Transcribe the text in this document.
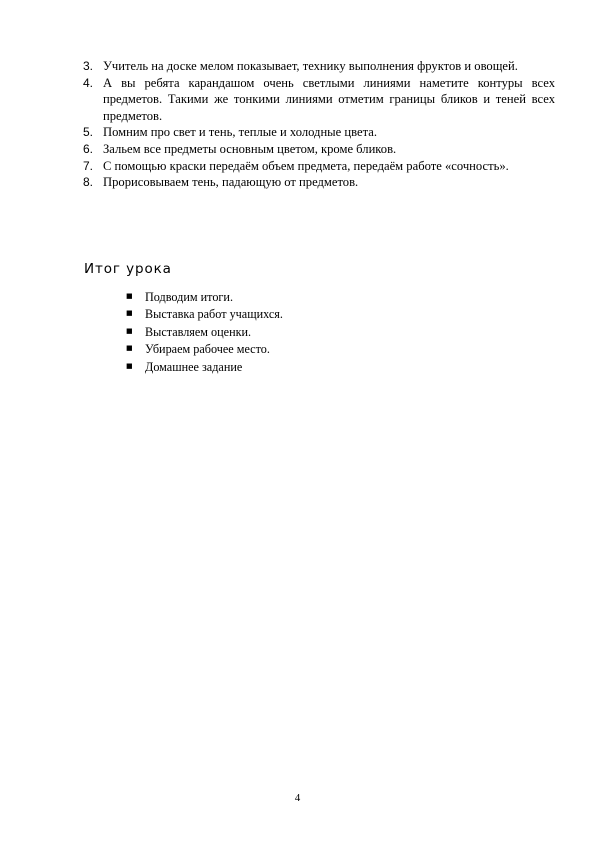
3. Учитель на доске мелом показывает, технику выполнения фруктов и овощей.
4. А вы ребята карандашом очень светлыми линиями наметите контуры всех предметов. Такими же тонкими линиями отметим границы бликов и теней всех предметов.
5. Помним про свет и тень, теплые и холодные цвета.
6. Зальем все предметы основным цветом, кроме бликов.
7. С помощью краски передаём объем предмета, передаём работе «сочность».
8. Прорисовываем тень, падающую от предметов.
Итог урока
■ Подводим итоги.
■ Выставка работ учащихся.
■ Выставляем оценки.
■ Убираем рабочее место.
■ Домашнее задание
4
